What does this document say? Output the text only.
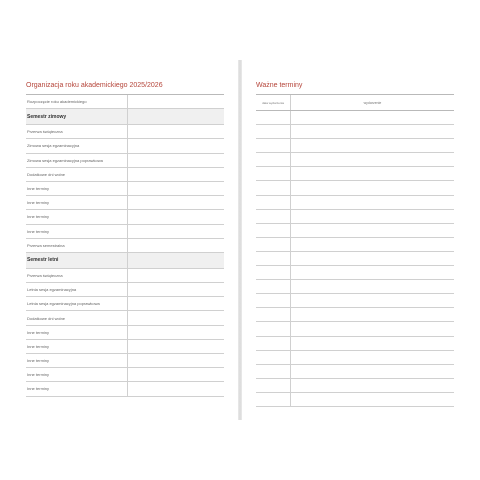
Organizacja roku akademickiego 2025/2026
Rozpoczęcie roku akademickiego
Semestr zimowy
Przerwa świąteczna
Zimowa sesja egzaminacyjna
Zimowa sesja egzaminacyjna poprawkowa
Dodatkowe dni wolne
Inne terminy
Inne terminy
Inne terminy
Inne terminy
Przerwa semestralna
Semestr letni
Przerwa świąteczna
Letnia sesja egzaminacyjna
Letnia sesja egzaminacyjna poprawkowa
Dodatkowe dni wolne
Inne terminy
Inne terminy
Inne terminy
Inne terminy
Inne terminy
Ważne terminy
data wydarzenia	wydarzenie
